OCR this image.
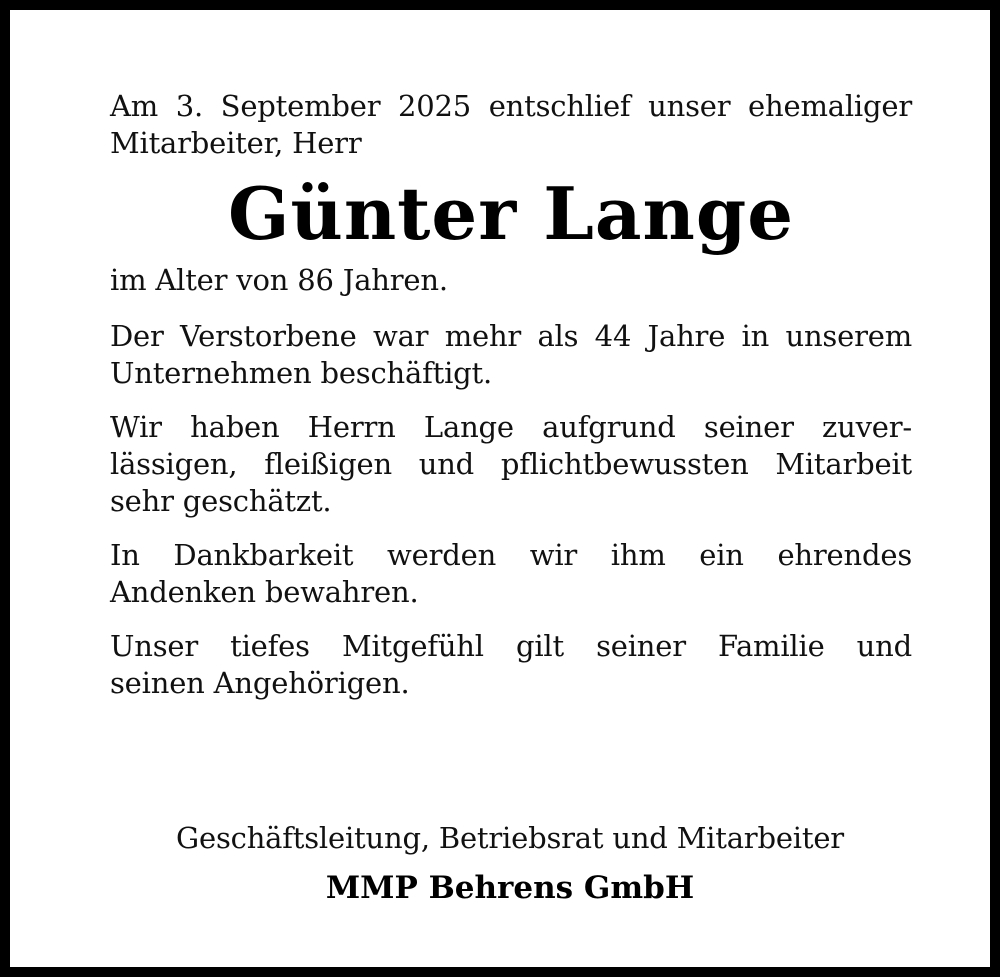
Am 3. September 2025 entschlief unser ehemaliger
Mitarbeiter, Herr

Günter Lange

im Alter von 86 Jahren.

Der Verstorbene war mehr als 44 Jahre in unserem
Unternehmen beschäftigt.

Wir haben Herrn Lange aufgrund seiner zuver-
lässigen, fleißigen und pflichtbewussten Mitarbeit
sehr geschätzt.

In Dankbarkeit werden wir ihm ein ehrendes
Andenken bewahren.

Unser tiefes Mitgefühl gilt seiner Familie und
seinen Angehörigen.

Geschäftsleitung, Betriebsrat und Mitarbeiter
MMP Behrens GmbH
